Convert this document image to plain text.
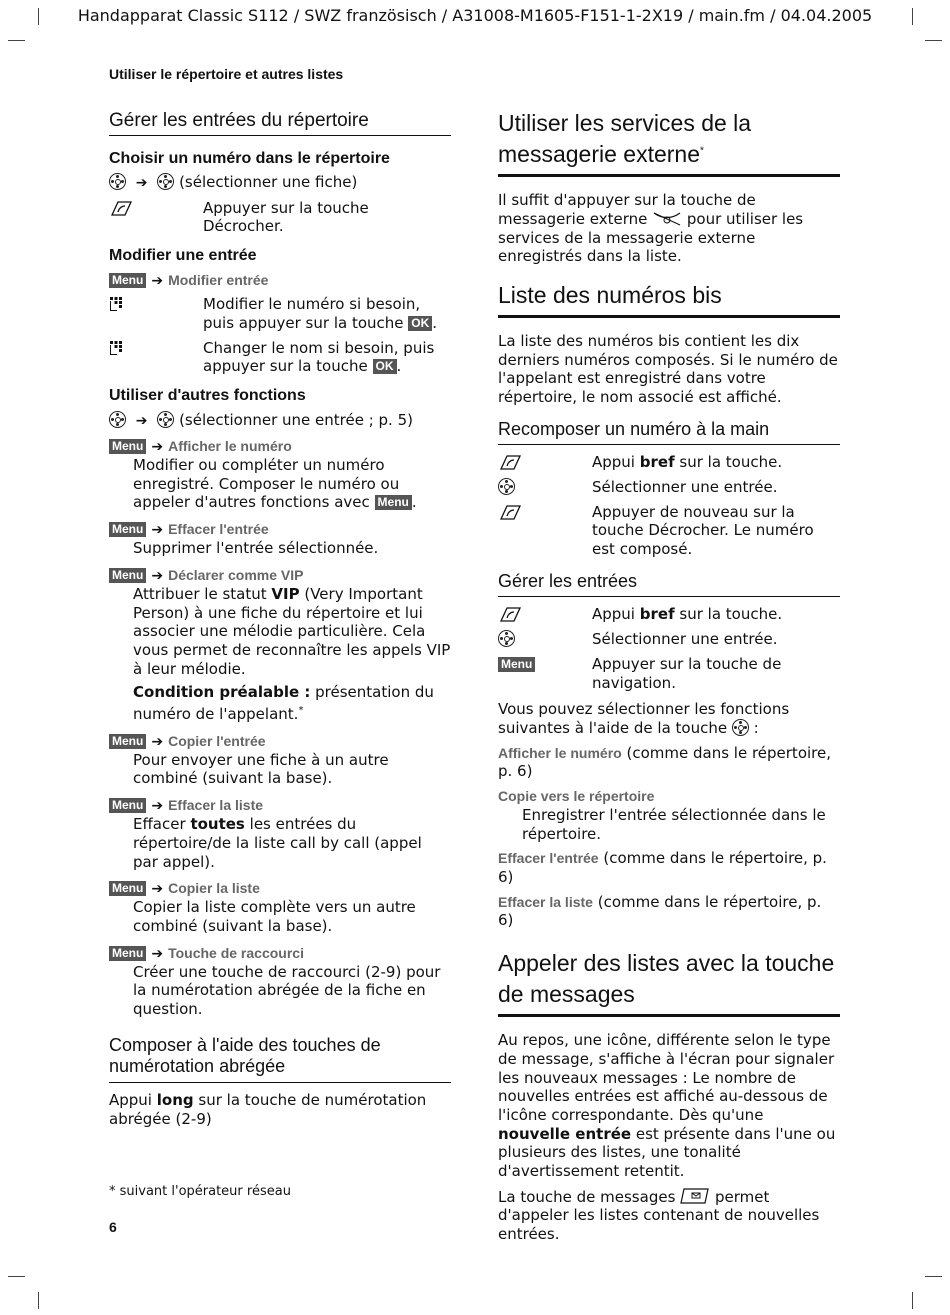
Handapparat Classic S112 / SWZ französisch / A31008-M1605-F151-1-2X19 / main.fm / 04.04.2005
Utiliser le répertoire et autres listes
Gérer les entrées du répertoire
Choisir un numéro dans le répertoire
➔ (sélectionner une fiche)
Appuyer sur la touche Décrocher.
Modifier une entrée
Menu ➔ Modifier entrée
Modifier le numéro si besoin, puis appuyer sur la touche OK .
Changer le nom si besoin, puis appuyer sur la touche OK .
Utiliser d'autres fonctions
➔ (sélectionner une entrée ; p. 5)
Menu ➔ Afficher le numéro

Modifier ou compléter un numéro enregistré. Composer le numéro ou appeler d'autres fonctions avec Menu .

Menu ➔ Effacer l'entrée

Supprimer l'entrée sélectionnée.

Menu ➔ Déclarer comme VIP

Attribuer le statut VIP (Very Important Person) à une fiche du répertoire et lui associer une mélodie particulière. Cela vous permet de reconnaître les appels VIP à leur mélodie.

Condition préalable : présentation du numéro de l'appelant.*

Menu ➔ Copier l'entrée

Pour envoyer une fiche à un autre combiné (suivant la base).

Menu ➔ Effacer la liste

Effacer toutes les entrées du répertoire/de la liste call by call (appel par appel).

Menu ➔ Copier la liste

Copier la liste complète vers un autre combiné (suivant la base).

Menu ➔ Touche de raccourci

Créer une touche de raccourci (2-9) pour la numérotation abrégée de la fiche en question.

Composer à l'aide des touches de numérotation abrégée

Appui long sur la touche de numérotation abrégée (2-9)

Utiliser les services de la messagerie externe*

Il suffit d'appuyer sur la touche de messagerie externe	pour utiliser les services de la messagerie externe enregistrés dans la liste.

Liste des numéros bis

La liste des numéros bis contient les dix derniers numéros composés. Si le numéro de l'appelant est enregistré dans votre répertoire, le nom associé est affiché.

Recomposer un numéro à la main
Appui bref sur la touche.
Sélectionner une entrée.
Appuyer de nouveau sur la touche Décrocher. Le numéro est composé.
Gérer les entrées
Appui bref sur la touche.
Sélectionner une entrée.
Menu	Appuyer sur la touche de navigation.

Vous pouvez sélectionner les fonctions suivantes à l'aide de la touche
:

Afficher le numéro (comme dans le répertoire, p. 6)

Copie vers le répertoire

Enregistrer l'entrée sélectionnée dans le répertoire.

Effacer l'entrée (comme dans le répertoire, p. 6)

Effacer la liste (comme dans le répertoire, p. 6)

Appeler des listes avec la touche de messages

Au repos, une icône, différente selon le type de message, s'affiche à l'écran pour signaler les nouveaux messages : Le nombre de nouvelles entrées est affiché au-dessous de l'icône correspondante. Dès qu'une nouvelle entrée est présente dans l'une ou plusieurs des listes, une tonalité d'avertissement retentit.

La touche de messages	permet d'appeler les listes contenant de nouvelles entrées.

* suivant l'opérateur réseau
6
